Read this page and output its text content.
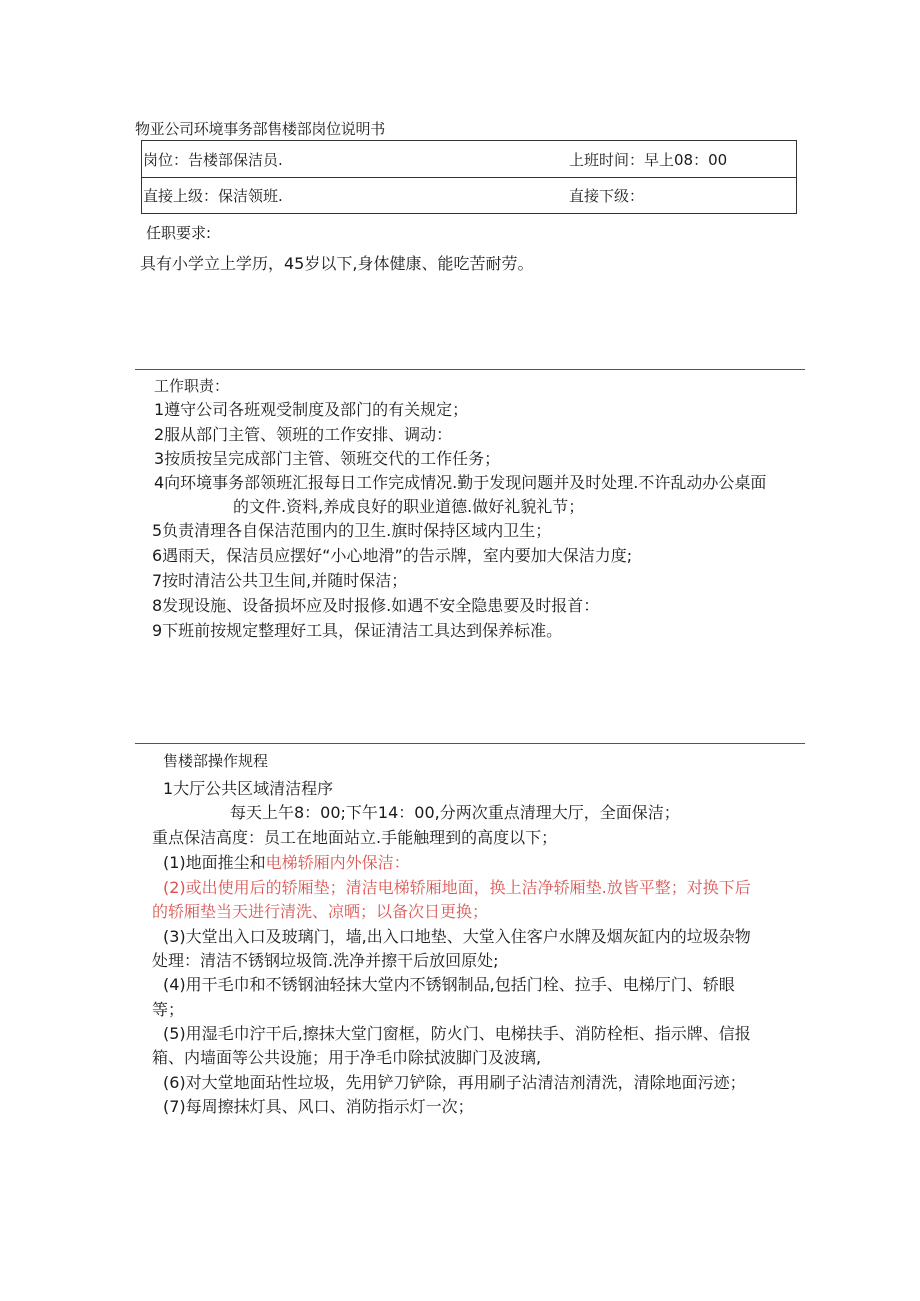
物亚公司环境事务部售楼部岗位说明书
岗位：告楼部保洁员.	上班时间：早上08：00
直接上级：保洁领班.	直接下级：
任职要求:
具有小学立上学历，45岁以下,身体健康、能吃苦耐劳。
工作职责：
1遵守公司各班观受制度及部门的有关规定；
2服从部门主管、领班的工作安排、调动：
3按质按呈完成部门主管、领班交代的工作任务；
4向环境事务部领班汇报每日工作完成情况.勤于发现问题并及时处理.不许乱动办公桌面
的文件.资料,养成良好的职业道德.做好礼貌礼节；
5负责清理各自保洁范围内的卫生.旗时保持区域内卫生；
6遇雨天，保洁员应摆好“小心地滑”的告示牌，室内要加大保洁力度;
7按时清洁公共卫生间,并随时保洁；
8发现设施、设备损坏应及时报修.如遇不安全隐患要及时报首：
9下班前按规定整理好工具，保证清洁工具达到保养标准。
售楼部操作规程
1大厅公共区域清洁程序
每天上午8：00;下午14：00,分两次重点清理大厅，全面保洁；
重点保洁高度：员工在地面站立.手能触理到的高度以下；
(1)地面推尘和电梯轿厢内外保洁：
(2)或出使用后的轿厢垫；清洁电梯轿厢地面，换上洁净轿厢垫.放皆平整；对换下后
的轿厢垫当天进行清洗、凉晒；以备次日更换；
(3)大堂出入口及玻璃门，墙,出入口地垫、大堂入住客户水牌及烟灰缸内的垃圾杂物
处理：清洁不锈钢垃圾筒.洗净并擦干后放回原处;
(4)用干毛巾和不锈钢油轻抹大堂内不锈钢制品,包括门栓、拉手、电梯厅门、轿眼
等；
(5)用湿毛巾泞干后,擦抹大堂门窗框，防火门、电梯扶手、消防栓柜、指示牌、信报
箱、内墙面等公共设施；用于净毛巾除拭波脚门及波璃,
(6)对大堂地面玷性垃圾，先用铲刀铲除，再用刷子沾清洁剂清洗，清除地面污迹；
(7)每周擦抹灯具、风口、消防指示灯一次；
